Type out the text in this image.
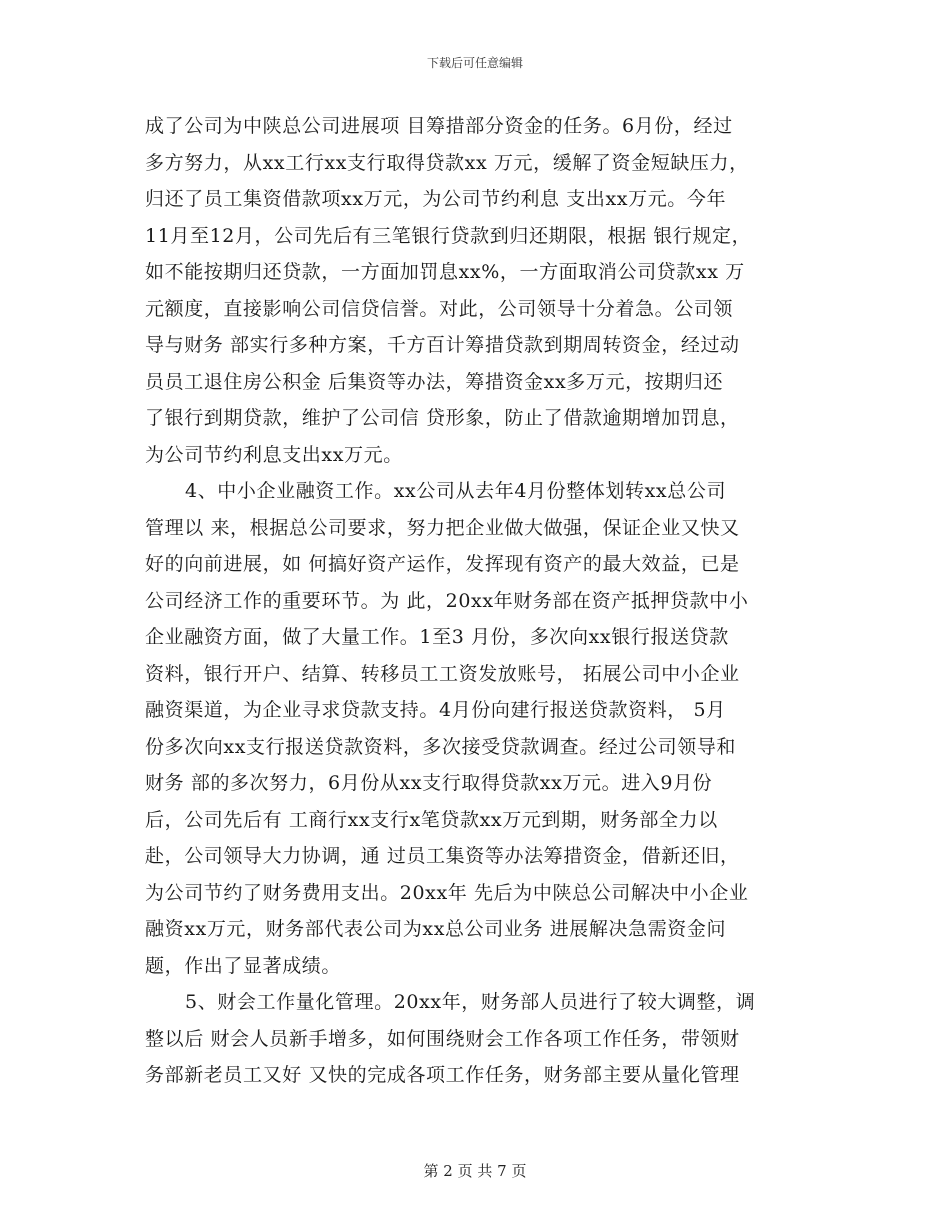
下载后可任意编辑
成了公司为中陕总公司进展项 目筹措部分资金的任务。6月份，经过
多方努力，从xx工行xx支行取得贷款xx 万元，缓解了资金短缺压力，
归还了员工集资借款项xx万元，为公司节约利息 支出xx万元。今年
11月至12月，公司先后有三笔银行贷款到归还期限，根据 银行规定，
如不能按期归还贷款，一方面加罚息xx%，一方面取消公司贷款xx 万
元额度，直接影响公司信贷信誉。对此，公司领导十分着急。公司领
导与财务 部实行多种方案，千方百计筹措贷款到期周转资金，经过动
员员工退住房公积金 后集资等办法，筹措资金xx多万元，按期归还
了银行到期贷款，维护了公司信 贷形象，防止了借款逾期增加罚息，
为公司节约利息支出xx万元。
4、中小企业融资工作。xx公司从去年4月份整体划转xx总公司
管理以 来，根据总公司要求，努力把企业做大做强，保证企业又快又
好的向前进展，如 何搞好资产运作，发挥现有资产的最大效益，已是
公司经济工作的重要环节。为 此，20xx年财务部在资产抵押贷款中小
企业融资方面，做了大量工作。1至3 月份，多次向xx银行报送贷款
资料，银行开户、结算、转移员工工资发放账号， 拓展公司中小企业
融资渠道，为企业寻求贷款支持。4月份向建行报送贷款资料， 5月
份多次向xx支行报送贷款资料，多次接受贷款调查。经过公司领导和
财务 部的多次努力，6月份从xx支行取得贷款xx万元。进入9月份
后，公司先后有 工商行xx支行x笔贷款xx万元到期，财务部全力以
赴，公司领导大力协调，通 过员工集资等办法筹措资金，借新还旧，
为公司节约了财务费用支出。20xx年 先后为中陕总公司解决中小企业
融资xx万元，财务部代表公司为xx总公司业务 进展解决急需资金问
题，作出了显著成绩。
5、财会工作量化管理。20xx年，财务部人员进行了较大调整，调
整以后 财会人员新手增多，如何围绕财会工作各项工作任务，带领财
务部新老员工又好 又快的完成各项工作任务，财务部主要从量化管理
第 2 页 共 7 页
